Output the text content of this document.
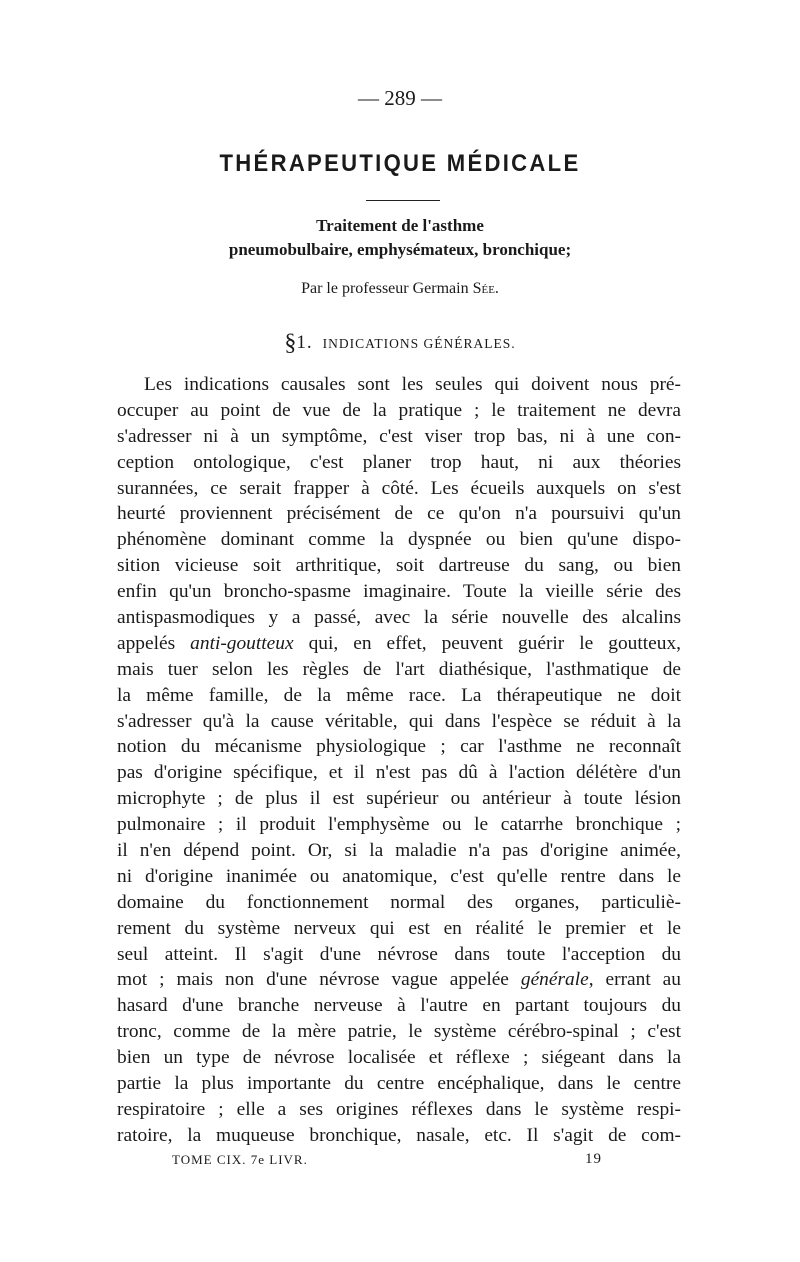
— 289 —
THÉRAPEUTIQUE MÉDICALE
Traitement de l'asthme
pneumobulbaire, emphysémateux, bronchique;
Par le professeur Germain Sée.
§1. INDICATIONS GÉNÉRALES.
Les indications causales sont les seules qui doivent nous pré-
occuper au point de vue de la pratique ; le traitement ne devra
s'adresser ni à un symptôme, c'est viser trop bas, ni à une con-
ception ontologique, c'est planer trop haut, ni aux théories
surannées, ce serait frapper à côté. Les écueils auxquels on s'est
heurté proviennent précisément de ce qu'on n'a poursuivi qu'un
phénomène dominant comme la dyspnée ou bien qu'une dispo-
sition vicieuse soit arthritique, soit dartreuse du sang, ou bien
enfin qu'un broncho-spasme imaginaire. Toute la vieille série des
antispasmodiques y a passé, avec la série nouvelle des alcalins
appelés anti-goutteux qui, en effet, peuvent guérir le goutteux,
mais tuer selon les règles de l'art diathésique, l'asthmatique de
la même famille, de la même race. La thérapeutique ne doit
s'adresser qu'à la cause véritable, qui dans l'espèce se réduit à la
notion du mécanisme physiologique ; car l'asthme ne reconnaît
pas d'origine spécifique, et il n'est pas dû à l'action délétère d'un
microphyte ; de plus il est supérieur ou antérieur à toute lésion
pulmonaire ; il produit l'emphysème ou le catarrhe bronchique ;
il n'en dépend point. Or, si la maladie n'a pas d'origine animée,
ni d'origine inanimée ou anatomique, c'est qu'elle rentre dans le
domaine du fonctionnement normal des organes, particuliè-
rement du système nerveux qui est en réalité le premier et le
seul atteint. Il s'agit d'une névrose dans toute l'acception du
mot ; mais non d'une névrose vague appelée générale, errant au
hasard d'une branche nerveuse à l'autre en partant toujours du
tronc, comme de la mère patrie, le système cérébro-spinal ; c'est
bien un type de névrose localisée et réflexe ; siégeant dans la
partie la plus importante du centre encéphalique, dans le centre
respiratoire ; elle a ses origines réflexes dans le système respi-
ratoire, la muqueuse bronchique, nasale, etc. Il s'agit de com-
TOME CIX. 7e LIVR.	19
